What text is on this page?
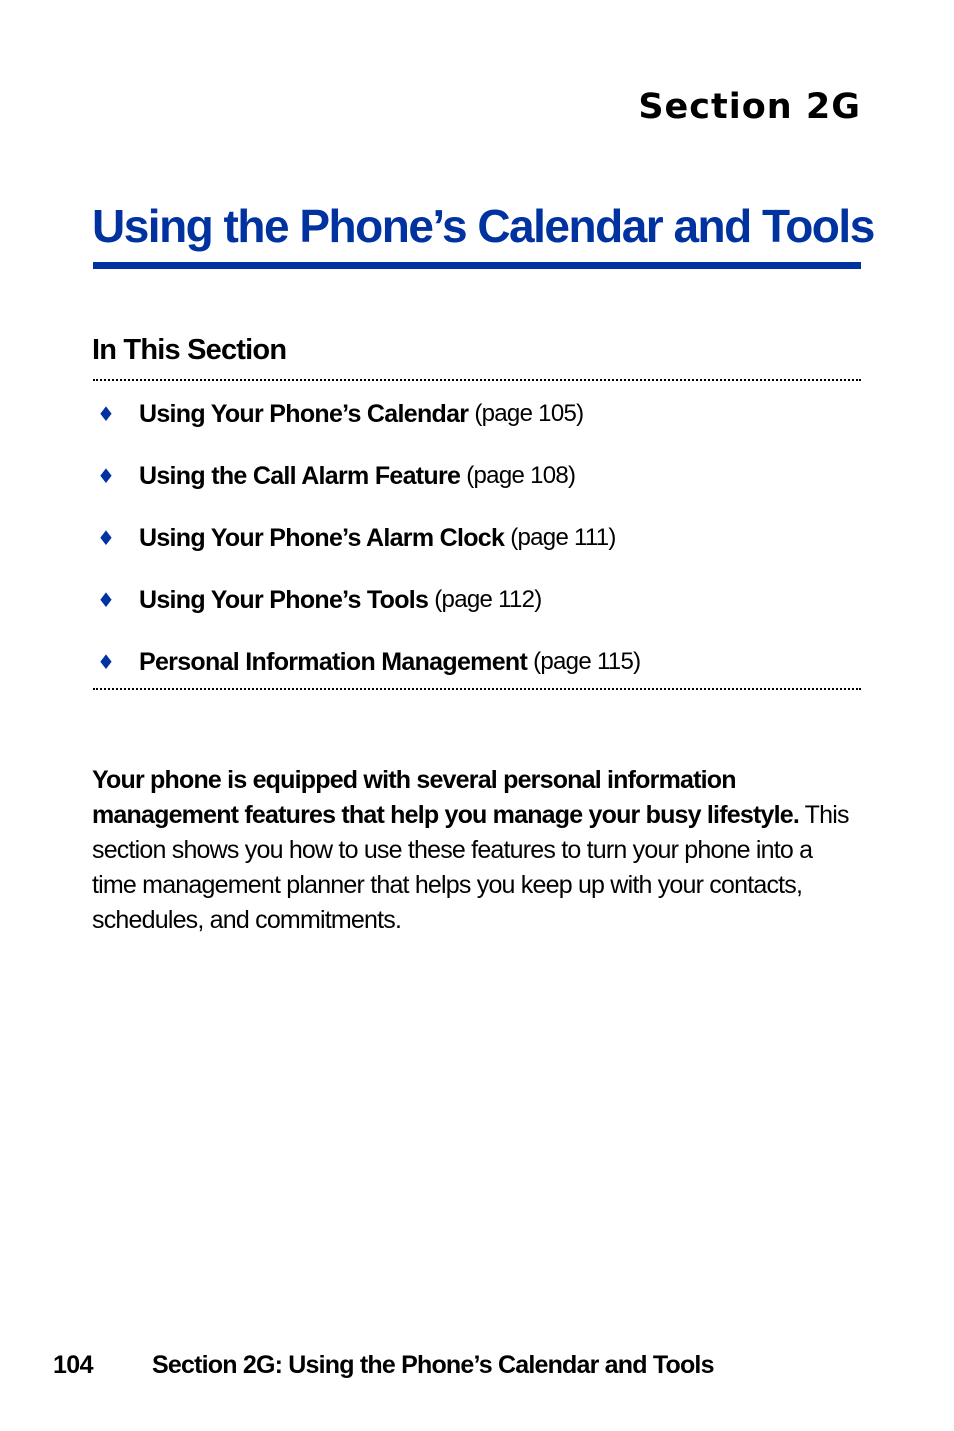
Section 2G
Using the Phone’s Calendar and Tools
In This Section
♦ Using Your Phone’s Calendar (page 105)
♦ Using the Call Alarm Feature (page 108)
♦ Using Your Phone’s Alarm Clock (page 111)
♦ Using Your Phone’s Tools (page 112)
♦ Personal Information Management (page 115)

Your phone is equipped with several personal information management features that help you manage your busy lifestyle. This section shows you how to use these features to turn your phone into a time management planner that helps you keep up with your contacts, schedules, and commitments.

104 Section 2G: Using the Phone’s Calendar and Tools
